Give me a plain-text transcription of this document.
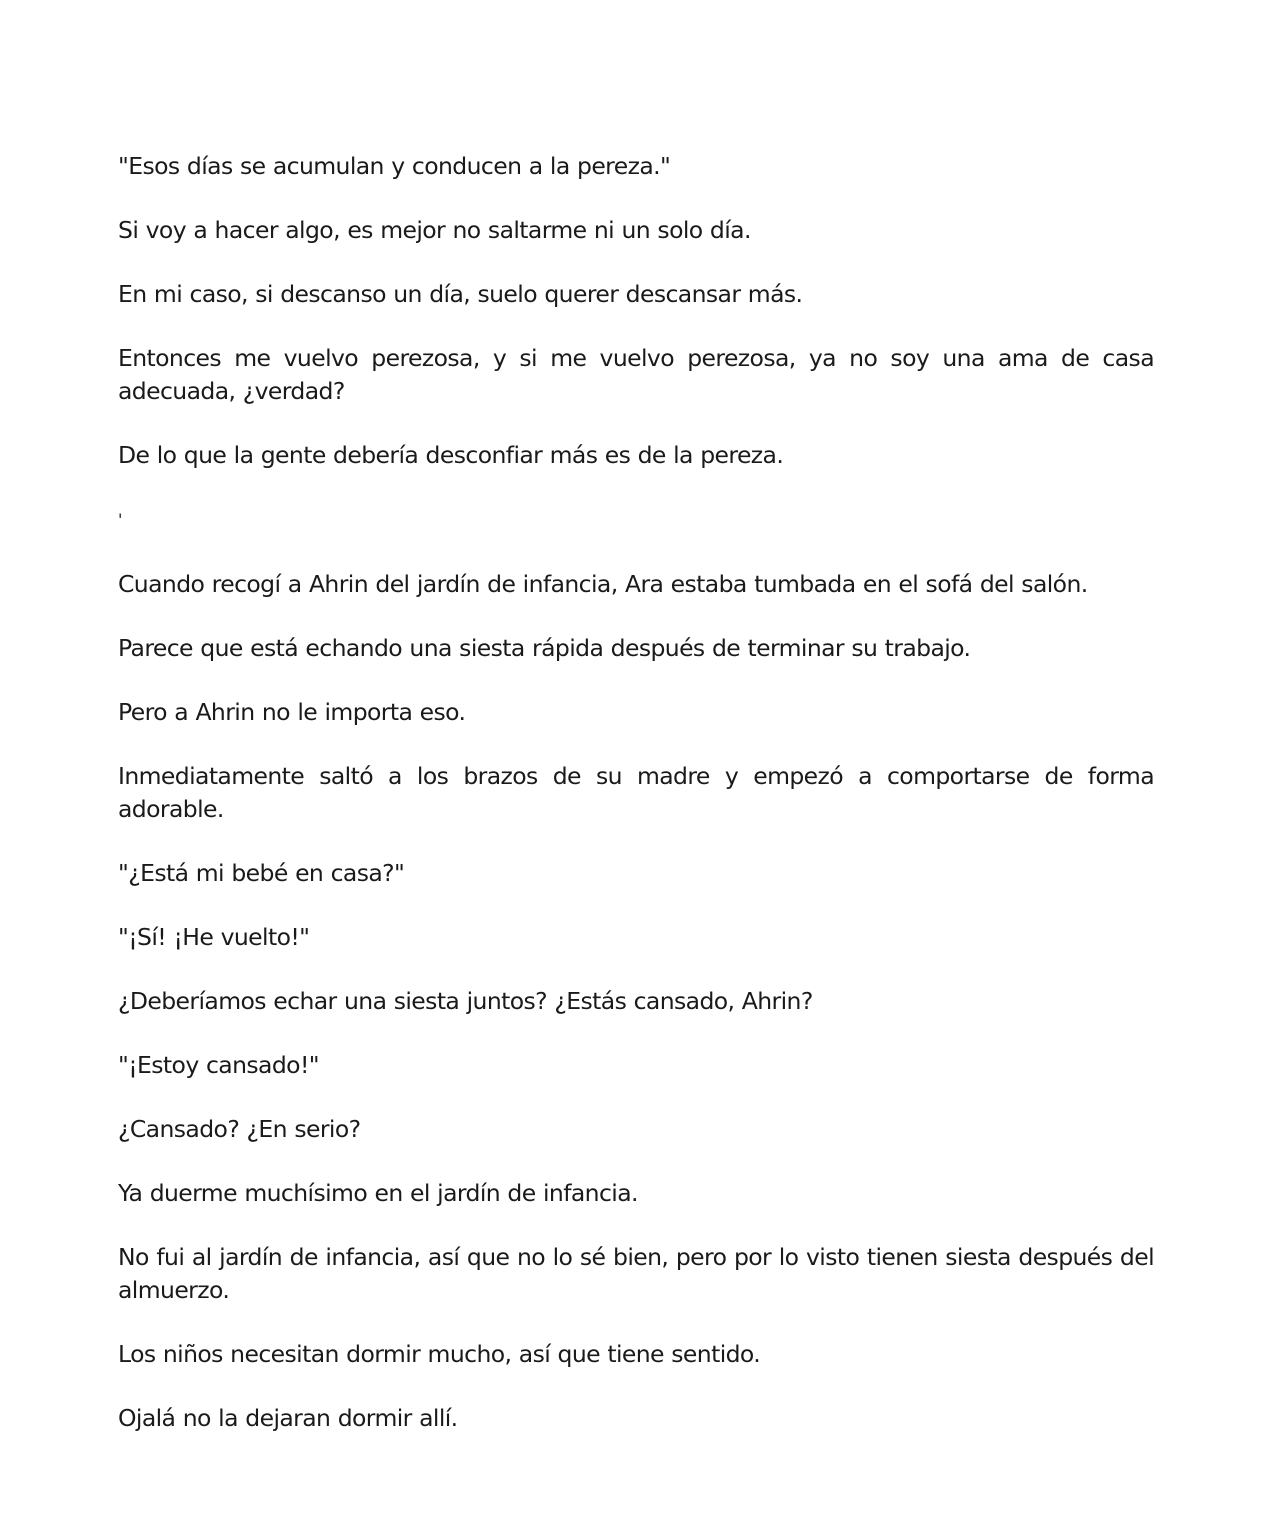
"Esos días se acumulan y conducen a la pereza."

Si voy a hacer algo, es mejor no saltarme ni un solo día.

En mi caso, si descanso un día, suelo querer descansar más.

Entonces me vuelvo perezosa, y si me vuelvo perezosa, ya no soy una ama de casa adecuada, ¿verdad?

De lo que la gente debería desconfiar más es de la pereza.

'

Cuando recogí a Ahrin del jardín de infancia, Ara estaba tumbada en el sofá del salón.

Parece que está echando una siesta rápida después de terminar su trabajo.

Pero a Ahrin no le importa eso.

Inmediatamente saltó a los brazos de su madre y empezó a comportarse de forma adorable.

"¿Está mi bebé en casa?"

"¡Sí! ¡He vuelto!"

¿Deberíamos echar una siesta juntos? ¿Estás cansado, Ahrin?

"¡Estoy cansado!"

¿Cansado? ¿En serio?

Ya duerme muchísimo en el jardín de infancia.

No fui al jardín de infancia, así que no lo sé bien, pero por lo visto tienen siesta después del almuerzo.

Los niños necesitan dormir mucho, así que tiene sentido.

Ojalá no la dejaran dormir allí.
